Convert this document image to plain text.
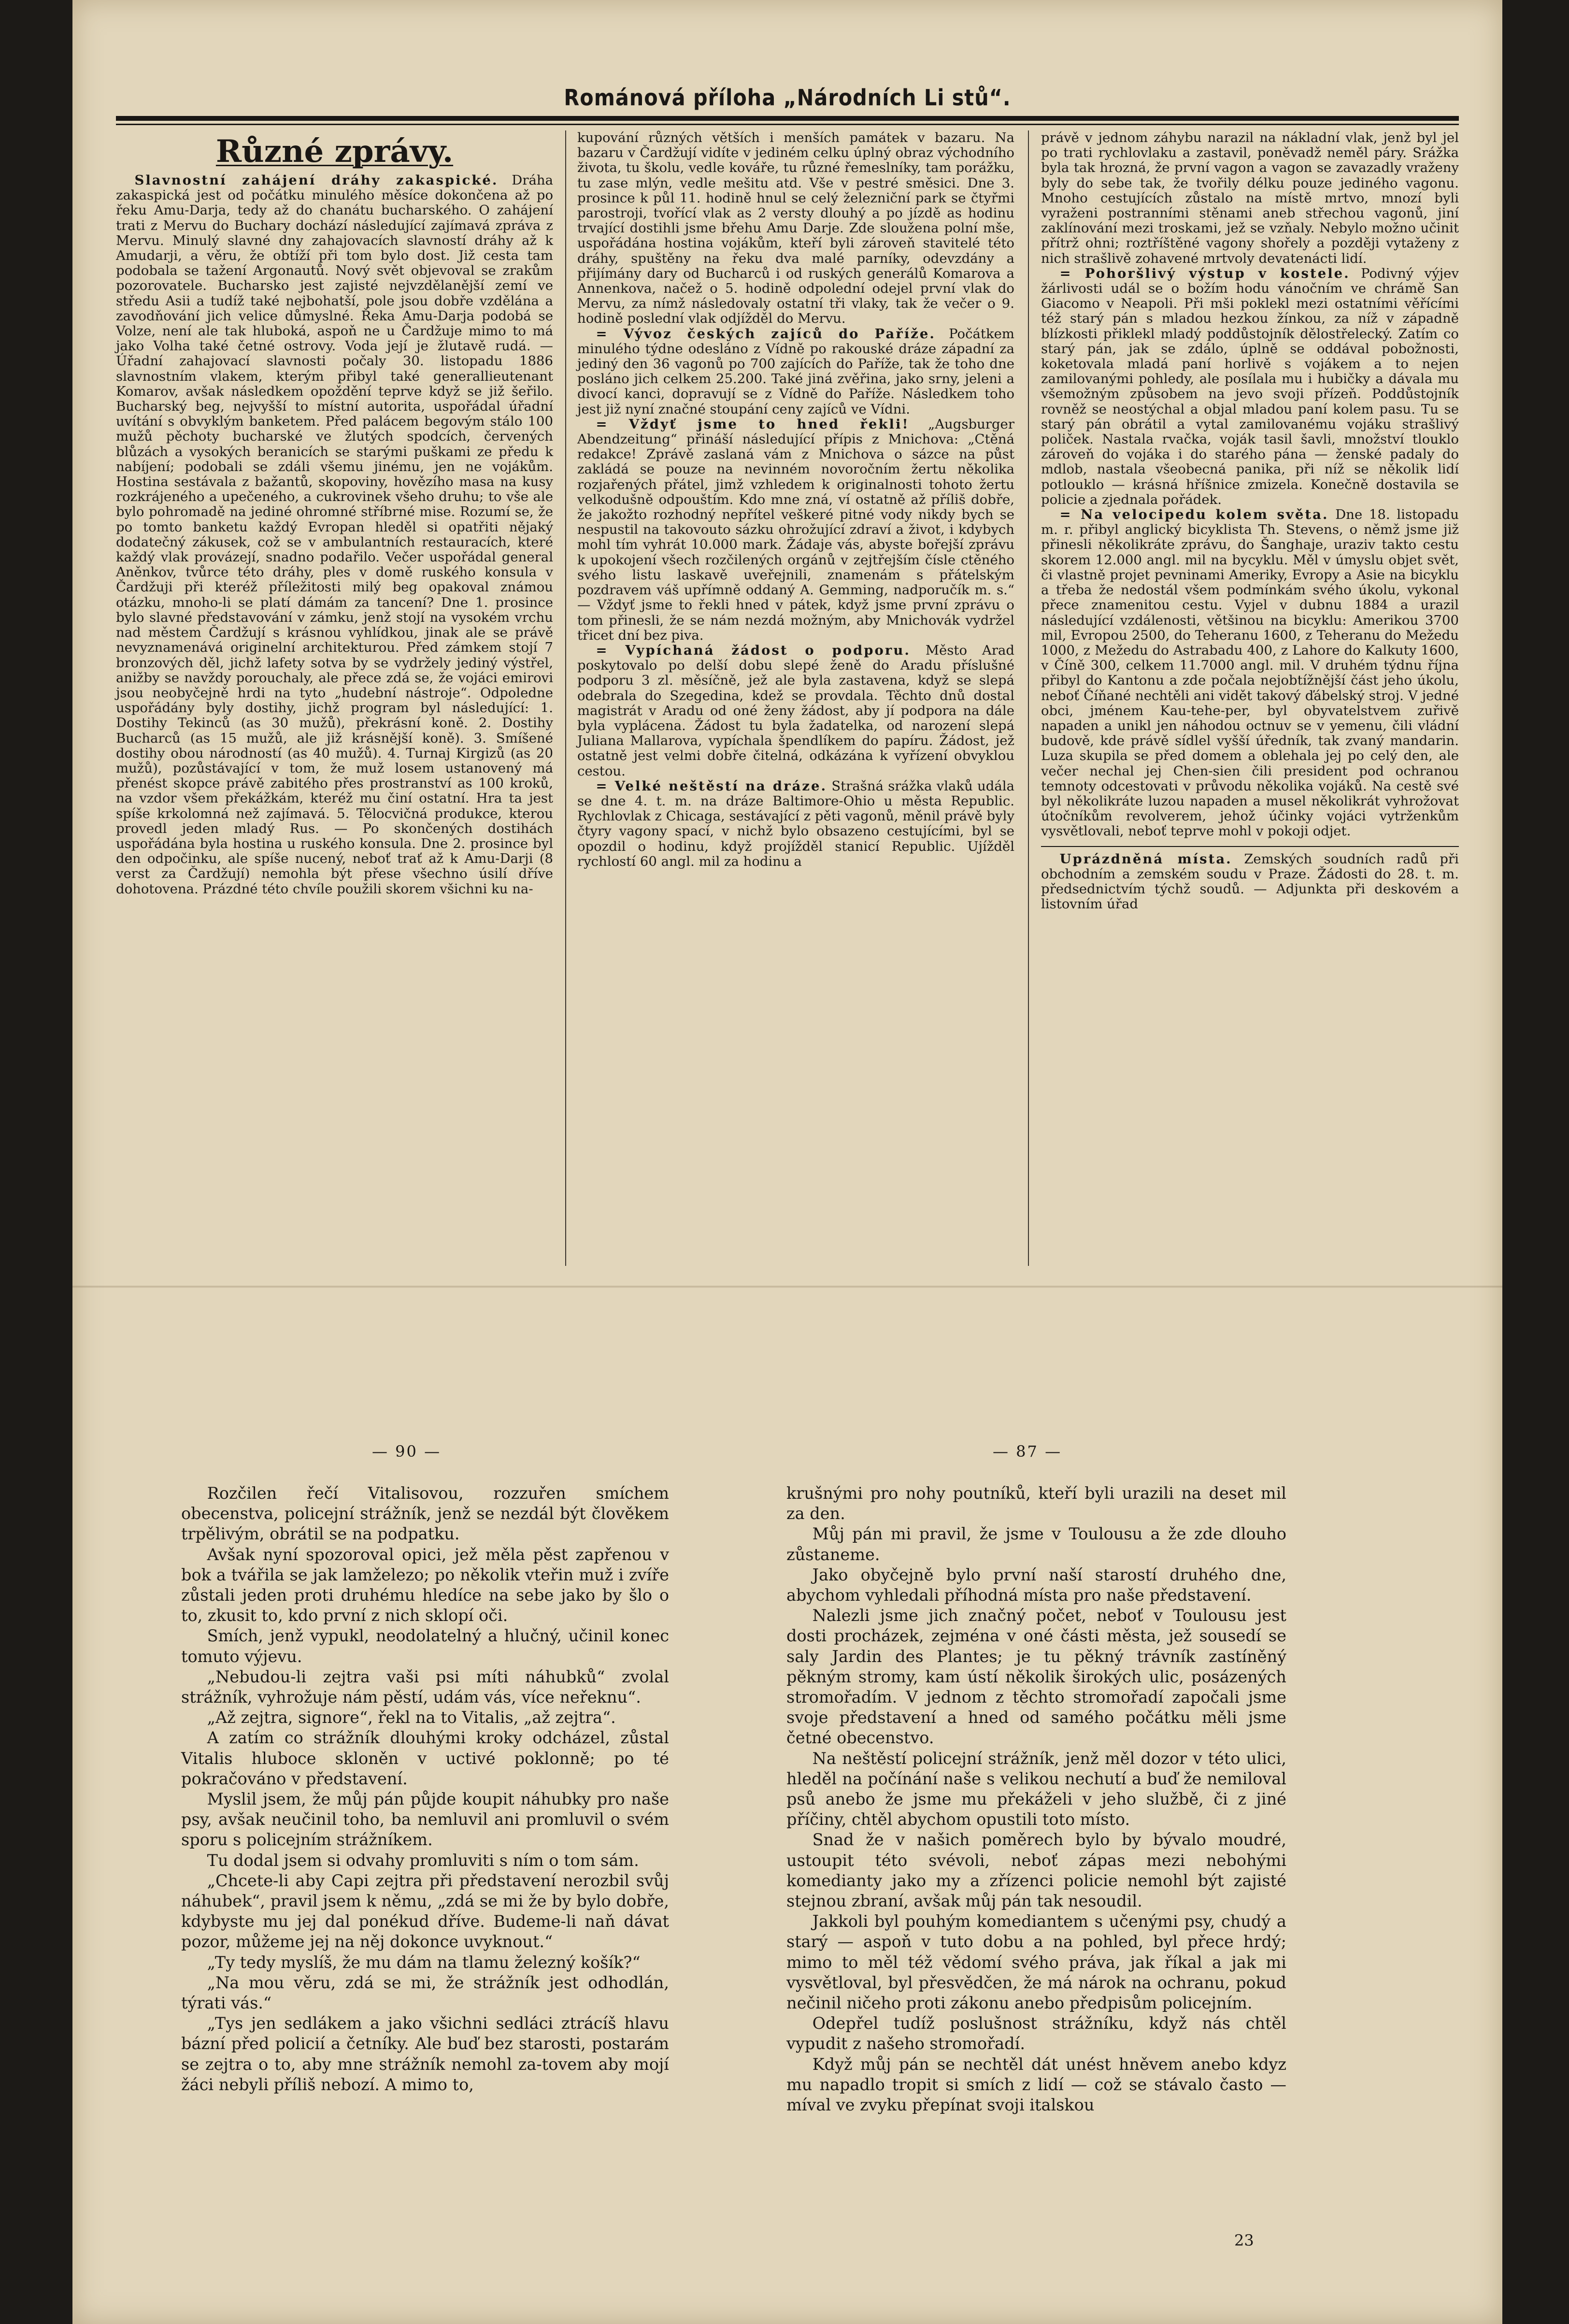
Románová příloha „Národních Li stů“.
Různé zprávy.

Slavnostní zahájení dráhy zakaspické. Dráha zakaspická jest od počátku minulého měsíce dokončena až po řeku Amu-Darja, tedy až do chanátu bucharského. O zahájení trati z Mervu do Buchary dochází následující zajímavá zpráva z Mervu. Minulý slavné dny zahajovacích slavností dráhy až k Amudarji, a věru, že obtíží při tom bylo dost. Již cesta tam podobala se tažení Argonautů. Nový svět objevoval se zrakům pozorovatele. Bucharsko jest zajisté nejvzdělanější zemí ve středu Asii a tudíž také nejbohatší, pole jsou dobře vzdělána a zavodňování jich velice důmyslné. Řeka Amu-Darja podobá se Volze, není ale tak hluboká, aspoň ne u Čardžuje mimo to má jako Volha také četné ostrovy. Voda její je žlutavě rudá. — Úřadní zahajovací slavnosti počaly 30. listopadu 1886 slavnostním vlakem, kterým přibyl také generallieutenant Komarov, avšak následkem opoždění teprve když se již šeřilo. Bucharský beg, nejvyšší to místní autorita, uspořádal úřadní uvítání s obvyklým banketem. Před palácem begovým stálo 100 mužů pěchoty bucharské ve žlutých spodcích, červených blůzách a vysokých beranicích se starými puškami ze předu k nabíjení; podobali se zdáli všemu jinému, jen ne vojákům. Hostina sestávala z bažantů, skopoviny, hovězího masa na kusy rozkrájeného a upečeného, a cukrovinek všeho druhu; to vše ale bylo pohromadě na jediné ohromné stříbrné mise. Rozumí se, že po tomto banketu každý Evropan hleděl si opatřiti nějaký dodatečný zákusek, což se v ambulantních restauracích, které každý vlak provázejí, snadno podařilo. Večer uspořádal general Aněnkov, tvůrce této dráhy, ples v domě ruského konsula v Čardžuji při kteréž příležitosti milý beg opakoval známou otázku, mnoho-li se platí dámám za tancení? Dne 1. prosince bylo slavné představování v zámku, jenž stojí na vysokém vrchu nad městem Čardžují s krásnou vyhlídkou, jinak ale se právě nevyznamenává originelní architekturou. Před zámkem stojí 7 bronzových děl, jichž lafety sotva by se vydržely jediný výstřel, anižby se navždy porouchaly, ale přece zdá se, že vojáci emirovi jsou neobyčejně hrdi na tyto „hudební nástroje“. Odpoledne uspořádány byly dostihy, jichž program byl následující: 1. Dostihy Tekinců (as 30 mužů), překrásní koně. 2. Dostihy Bucharců (as 15 mužů, ale již krásnější koně). 3. Smíšené dostihy obou národností (as 40 mužů). 4. Turnaj Kirgizů (as 20 mužů), pozůstávající v tom, že muž losem ustanovený má přenést skopce právě zabitého přes prostranství as 100 kroků, na vzdor všem překážkám, kteréž mu činí ostatní. Hra ta jest spíše krkolomná než zajímavá. 5. Tělocvičná produkce, kterou provedl jeden mladý Rus. — Po skončených dostihách uspořádána byla hostina u ruského konsula. Dne 2. prosince byl den odpočinku, ale spíše nucený, neboť trať až k Amu-Darji (8 verst za Čardžují) nemohla být přese všechno úsilí dříve dohotovena. Prázdné této chvíle použili skorem všichni ku na-

kupování různých větších i menších památek v bazaru. Na bazaru v Čardžují vidíte v jediném celku úplný obraz východního života, tu školu, vedle kováře, tu různé řemeslníky, tam porážku, tu zase mlýn, vedle mešitu atd. Vše v pestré směsici. Dne 3. prosince k půl 11. hodině hnul se celý železniční park se čtyřmi parostroji, tvořící vlak as 2 versty dlouhý a po jízdě as hodinu trvající dostihli jsme břehu Amu Darje. Zde sloužena polní mše, uspořádána hostina vojákům, kteří byli zároveň stavitelé této dráhy, spuštěny na řeku dva malé parníky, odevzdány a přijímány dary od Bucharců i od ruských generálů Komarova a Annenkova, načež o 5. hodině odpolední odejel první vlak do Mervu, za nímž následovaly ostatní tři vlaky, tak že večer o 9. hodině poslední vlak odjížděl do Mervu.

= Vývoz českých zajíců do Paříže. Počátkem minulého týdne odesláno z Vídně po rakouské dráze západní za jediný den 36 vagonů po 700 zajících do Paříže, tak že toho dne posláno jich celkem 25.200. Také jiná zvěřina, jako srny, jeleni a divocí kanci, dopravují se z Vídně do Paříže. Následkem toho jest již nyní značné stoupání ceny zajíců ve Vídni.

= Vždyť jsme to hned řekli! „Augsburger Abendzeitung“ přináší následující přípis z Mnichova: „Ctěná redakce! Zprávě zaslaná vám z Mnichova o sázce na půst zakládá se pouze na nevinném novoročním žertu několika rozjařených přátel, jimž vzhledem k originalnosti tohoto žertu velkodušně odpouštím. Kdo mne zná, ví ostatně až příliš dobře, že jakožto rozhodný nepřítel veškeré pitné vody nikdy bych se nespustil na takovouto sázku ohrožující zdraví a život, i kdybych mohl tím vyhrát 10.000 mark. Žádaje vás, abyste bořejší zprávu k upokojení všech rozčilených orgánů v zejtřejším čísle ctěného svého listu laskavě uveřejnili, znamenám s přátelským pozdravem váš upřímně oddaný A. Gemming, nadporučík m. s.“ — Vždyť jsme to řekli hned v pátek, když jsme první zprávu o tom přinesli, že se nám nezdá možným, aby Mnichovák vydržel třicet dní bez piva.

= Vypíchaná žádost o podporu. Město Arad poskytovalo po delší dobu slepé ženě do Aradu příslušné podporu 3 zl. měsíčně, jež ale byla zastavena, když se slepá odebrala do Szegedina, kdež se provdala. Těchto dnů dostal magistrát v Aradu od oné ženy žádost, aby jí podpora na dále byla vyplácena. Žádost tu byla žadatelka, od narození slepá Juliana Mallarova, vypíchala špendlíkem do papíru. Žádost, jež ostatně jest velmi dobře čitelná, odkázána k vyřízení obvyklou cestou.

= Velké neštěstí na dráze. Strašná srážka vlaků udála se dne 4. t. m. na dráze Baltimore-Ohio u města Republic. Rychlovlak z Chicaga, sestávající z pěti vagonů, měnil právě byly čtyry vagony spací, v nichž bylo obsazeno cestujícími, byl se opozdil o hodinu, když projížděl stanicí Republic. Ujížděl rychlostí 60 angl. mil za hodinu a

právě v jednom záhybu narazil na nákladní vlak, jenž byl jel po trati rychlovlaku a zastavil, poněvadž neměl páry. Srážka byla tak hrozná, že první vagon a vagon se zavazadly vraženy byly do sebe tak, že tvořily délku pouze jediného vagonu. Mnoho cestujících zůstalo na místě mrtvo, mnozí byli vyraženi postranními stěnami aneb střechou vagonů, jiní zaklínování mezi troskami, jež se vzňaly. Nebylo možno učinit přítrž ohni; roztříštěné vagony shořely a později vytaženy z nich strašlivě zohavené mrtvoly devatenácti lidí.

= Pohoršlivý výstup v kostele. Podivný výjev žárlivosti udál se o božím hodu vánočním ve chrámě San Giacomo v Neapoli. Při mši poklekl mezi ostatními věřícími též starý pán s mladou hezkou žínkou, za níž v západně blízkosti přiklekl mladý poddůstojník dělostřelecký. Zatím co starý pán, jak se zdálo, úplně se oddával pobožnosti, koketovala mladá paní horlivě s vojákem a to nejen zamilovanými pohledy, ale posílala mu i hubičky a dávala mu všemožným způsobem na jevo svoji přízeň. Poddůstojník rovněž se neostýchal a objal mladou paní kolem pasu. Tu se starý pán obrátil a vytal zamilovanému vojáku strašlivý poliček. Nastala rvačka, voják tasil šavli, množství tlouklo zároveň do vojáka i do starého pána — ženské padaly do mdlob, nastala všeobecná panika, při níž se několik lidí potlouklo — krásná hříšnice zmizela. Konečně dostavila se policie a zjednala pořádek.

= Na velocipedu kolem světa. Dne 18. listopadu m. r. přibyl anglický bicyklista Th. Stevens, o němž jsme již přinesli několikráte zprávu, do Šanghaje, uraziv takto cestu skorem 12.000 angl. mil na bycyklu. Měl v úmyslu objet svět, či vlastně projet pevninami Ameriky, Evropy a Asie na bicyklu a třeba že nedostál všem podmínkám svého úkolu, vykonal přece znamenitou cestu. Vyjel v dubnu 1884 a urazil následující vzdálenosti, většinou na bicyklu: Amerikou 3700 mil, Evropou 2500, do Teheranu 1600, z Teheranu do Mežedu 1000, z Mežedu do Astrabadu 400, z Lahore do Kalkuty 1600, v Číně 300, celkem 11.7000 angl. mil. V druhém týdnu října přibyl do Kantonu a zde počala nejobtížnější část jeho úkolu, neboť Číňané nechtěli ani vidět takový ďábelský stroj. V jedné obci, jménem Kau-tehe-per, byl obyvatelstvem zuřivě napaden a unikl jen náhodou octnuv se v yemenu, čili vládní budově, kde právě sídlel vyšší úředník, tak zvaný mandarin. Luza skupila se před domem a oblehala jej po celý den, ale večer nechal jej Chen-sien čili president pod ochranou temnoty odcestovati v průvodu několika vojáků. Na cestě své byl několikráte luzou napaden a musel několikrát vyhrožovat útočníkům revolverem, jehož účinky vojáci vytrženkům vysvětlovali, neboť teprve mohl v pokoji odjet.

Uprázdněná místa. Zemských soudních radů při obchodním a zemském soudu v Praze. Žádosti do 28. t. m. předsednictvím týchž soudů. — Adjunkta při deskovém a listovním úřad

— 90 —	— 87 —

Rozčilen řečí Vitalisovou, rozzuřen smíchem obecenstva, policejní strážník, jenž se nezdál být člověkem trpělivým, obrátil se na podpatku.

Avšak nyní spozoroval opici, jež měla pěst zapřenou v bok a tvářila se jak lamželezo; po několik vteřin muž i zvíře zůstali jeden proti druhému hledíce na sebe jako by šlo o to, zkusit to, kdo první z nich sklopí oči.

Smích, jenž vypukl, neodolatelný a hlučný, učinil konec tomuto výjevu.

„Nebudou-li zejtra vaši psi míti náhubků“ zvolal strážník, vyhrožuje nám pěstí, udám vás, více neřeknu“.

„Až zejtra, signore“, řekl na to Vitalis, „až zejtra“.

A zatím co strážník dlouhými kroky odcházel, zůstal Vitalis hluboce skloněn v uctivé poklonně; po té pokračováno v představení.

Myslil jsem, že můj pán půjde koupit náhubky pro naše psy, avšak neučinil toho, ba nemluvil ani promluvil o svém sporu s policejním strážníkem.

Tu dodal jsem si odvahy promluviti s ním o tom sám.

„Chcete-li aby Capi zejtra při představení nerozbil svůj náhubek“, pravil jsem k němu, „zdá se mi že by bylo dobře, kdybyste mu jej dal ponékud dříve. Budeme-li naň dávat pozor, můžeme jej na něj dokonce uvyknout.“

„Ty tedy myslíš, že mu dám na tlamu železný košík?“

„Na mou věru, zdá se mi, že strážník jest odhodlán, týrati vás.“

„Tys jen sedlákem a jako všichni sedláci ztrácíš hlavu bázní před policií a četníky. Ale buď bez starosti, postarám se zejtra o to, aby mne strážník nemohl za-tovem aby mojí žáci nebyli příliš nebozí. A mimo to,

krušnými pro nohy poutníků, kteří byli urazili na deset mil za den.

Můj pán mi pravil, že jsme v Toulousu a že zde dlouho zůstaneme.

Jako obyčejně bylo první naší starostí druhého dne, abychom vyhledali příhodná místa pro naše představení.

Nalezli jsme jich značný počet, neboť v Toulousu jest dosti procházek, zejména v oné části města, jež sousedí se saly Jardin des Plantes; je tu pěkný trávník zastíněný pěkným stromy, kam ústí několik širokých ulic, posázených stromořadím. V jednom z těchto stromořadí započali jsme svoje představení a hned od samého počátku měli jsme četné obecenstvo.

Na neštěstí policejní strážník, jenž měl dozor v této ulici, hleděl na počínání naše s velikou nechutí a buď že nemiloval psů anebo že jsme mu překáželi v jeho službě, či z jiné příčiny, chtěl abychom opustili toto místo.

Snad že v našich poměrech bylo by bývalo moudré, ustoupit této svévoli, neboť zápas mezi nebohými komedianty jako my a zřízenci policie nemohl být zajisté stejnou zbraní, avšak můj pán tak nesoudil.

Jakkoli byl pouhým komediantem s učenými psy, chudý a starý — aspoň v tuto dobu a na pohled, byl přece hrdý; mimo to měl též vědomí svého práva, jak říkal a jak mi vysvětloval, byl přesvědčen, že má nárok na ochranu, pokud nečinil ničeho proti zákonu anebo předpisům policejním.

Odepřel tudíž poslušnost strážníku, když nás chtěl vypudit z našeho stromořadí.

Když můj pán se nechtěl dát unést hněvem anebo kdyz mu napadlo tropit si smích z lidí — což se stávalo často — míval ve zvyku přepínat svoji italskou

23
